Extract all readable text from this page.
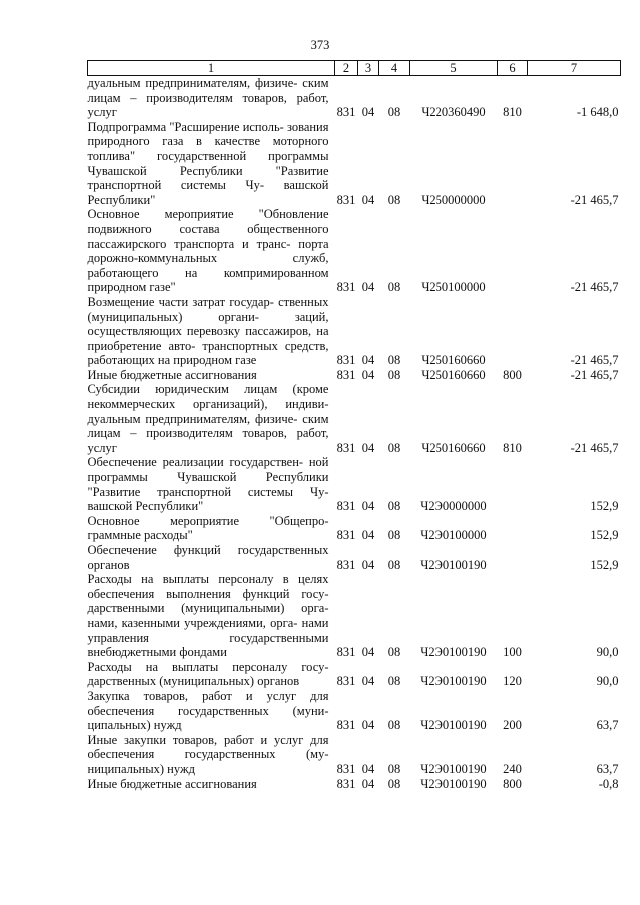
373
1	2	3	4	5	6	7
дуальным предпринимателям, физиче- ским лицам – производителям товаров, работ, услуг	831	04	08	Ч220360490	810	-1 648,0
Подпрограмма "Расширение исполь- зования природного газа в качестве моторного топлива" государственной программы Чувашской Республики "Развитие транспортной системы Чу- вашской Республики"	831	04	08	Ч250000000		-21 465,7
Основное мероприятие "Обновление подвижного состава общественного пассажирского транспорта и транс- порта дорожно-коммунальных служб, работающего на компримированном природном газе"	831	04	08	Ч250100000		-21 465,7
Возмещение части затрат государ- ственных (муниципальных) органи- заций, осуществляющих перевозку пассажиров, на приобретение авто- транспортных средств, работающих на природном газе	831	04	08	Ч250160660		-21 465,7
Иные бюджетные ассигнования	831	04	08	Ч250160660	800	-21 465,7
Субсидии юридическим лицам (кроме некоммерческих организаций), индиви- дуальным предпринимателям, физиче- ским лицам – производителям товаров, работ, услуг	831	04	08	Ч250160660	810	-21 465,7
Обеспечение реализации государствен- ной программы Чувашской Республики "Развитие транспортной системы Чу- вашской Республики"	831	04	08	Ч2Э0000000		152,9
Основное мероприятие "Общепро- граммные расходы"	831	04	08	Ч2Э0100000		152,9
Обеспечение функций государственных органов	831	04	08	Ч2Э0100190		152,9
Расходы на выплаты персоналу в целях обеспечения выполнения функций госу- дарственными (муниципальными) орга- нами, казенными учреждениями, орга- нами управления государственными внебюджетными фондами	831	04	08	Ч2Э0100190	100	90,0
Расходы на выплаты персоналу госу- дарственных (муниципальных) органов	831	04	08	Ч2Э0100190	120	90,0
Закупка товаров, работ и услуг для обеспечения государственных (муни- ципальных) нужд	831	04	08	Ч2Э0100190	200	63,7
Иные закупки товаров, работ и услуг для обеспечения государственных (му- ниципальных) нужд	831	04	08	Ч2Э0100190	240	63,7
Иные бюджетные ассигнования	831	04	08	Ч2Э0100190	800	-0,8
